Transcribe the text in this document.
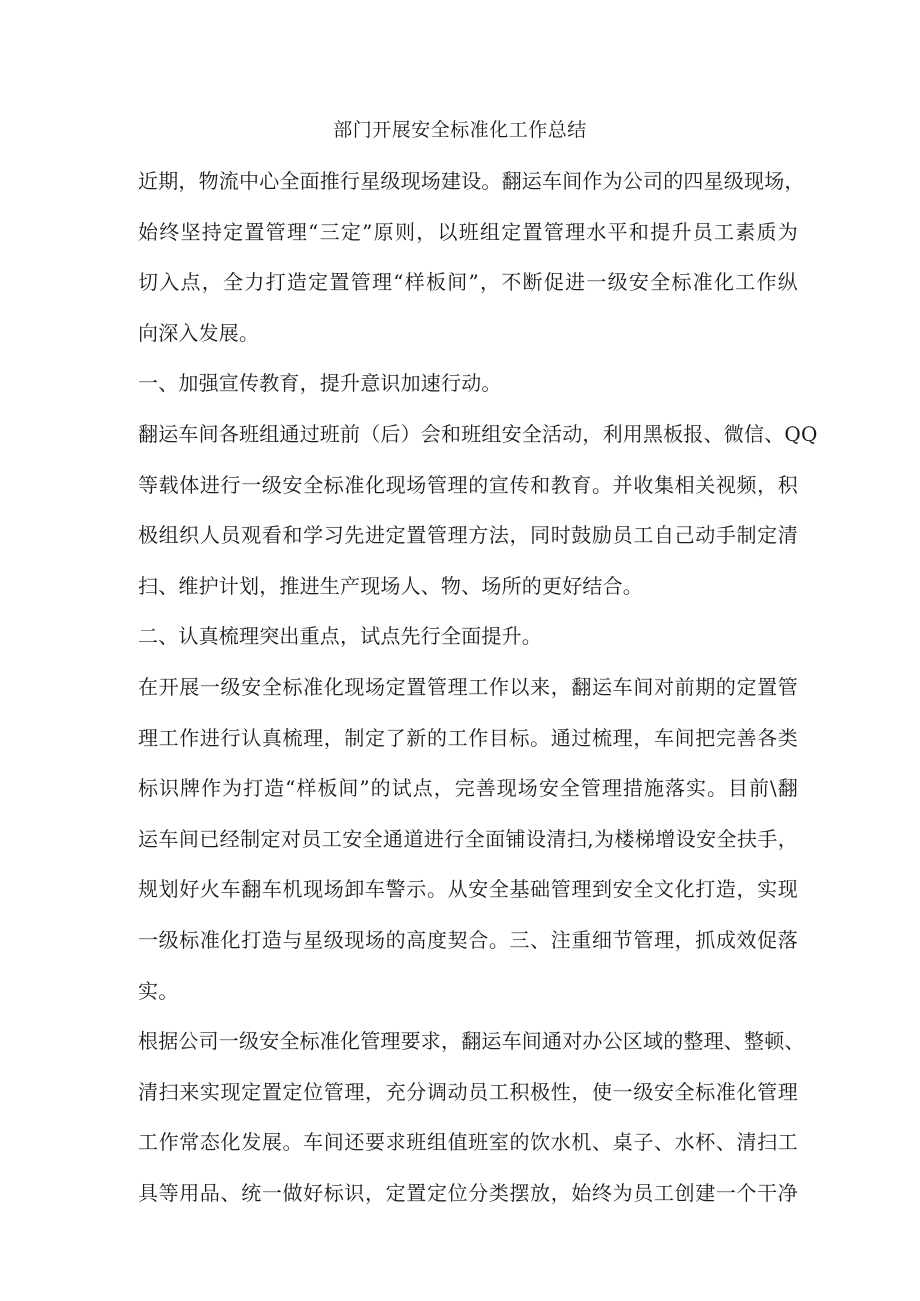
部门开展安全标准化工作总结
近期，物流中心全面推行星级现场建设。翻运车间作为公司的四星级现场，
始终坚持定置管理“三定”原则，以班组定置管理水平和提升员工素质为
切入点，全力打造定置管理“样板间”，不断促进一级安全标准化工作纵
向深入发展。
一、加强宣传教育，提升意识加速行动。
翻运车间各班组通过班前（后）会和班组安全活动，利用黑板报、微信、QQ
等载体进行一级安全标准化现场管理的宣传和教育。并收集相关视频，积
极组织人员观看和学习先进定置管理方法，同时鼓励员工自己动手制定清
扫、维护计划，推进生产现场人、物、场所的更好结合。
二、认真梳理突出重点，试点先行全面提升。
在开展一级安全标准化现场定置管理工作以来，翻运车间对前期的定置管
理工作进行认真梳理，制定了新的工作目标。通过梳理，车间把完善各类
标识牌作为打造“样板间”的试点，完善现场安全管理措施落实。目前\翻
运车间已经制定对员工安全通道进行全面铺设清扫,为楼梯增设安全扶手，
规划好火车翻车机现场卸车警示。从安全基础管理到安全文化打造，实现
一级标准化打造与星级现场的高度契合。三、注重细节管理，抓成效促落
实。
根据公司一级安全标准化管理要求，翻运车间通对办公区域的整理、整顿、
清扫来实现定置定位管理，充分调动员工积极性，使一级安全标准化管理
工作常态化发展。车间还要求班组值班室的饮水机、桌子、水杯、清扫工
具等用品、统一做好标识，定置定位分类摆放，始终为员工创建一个干净
